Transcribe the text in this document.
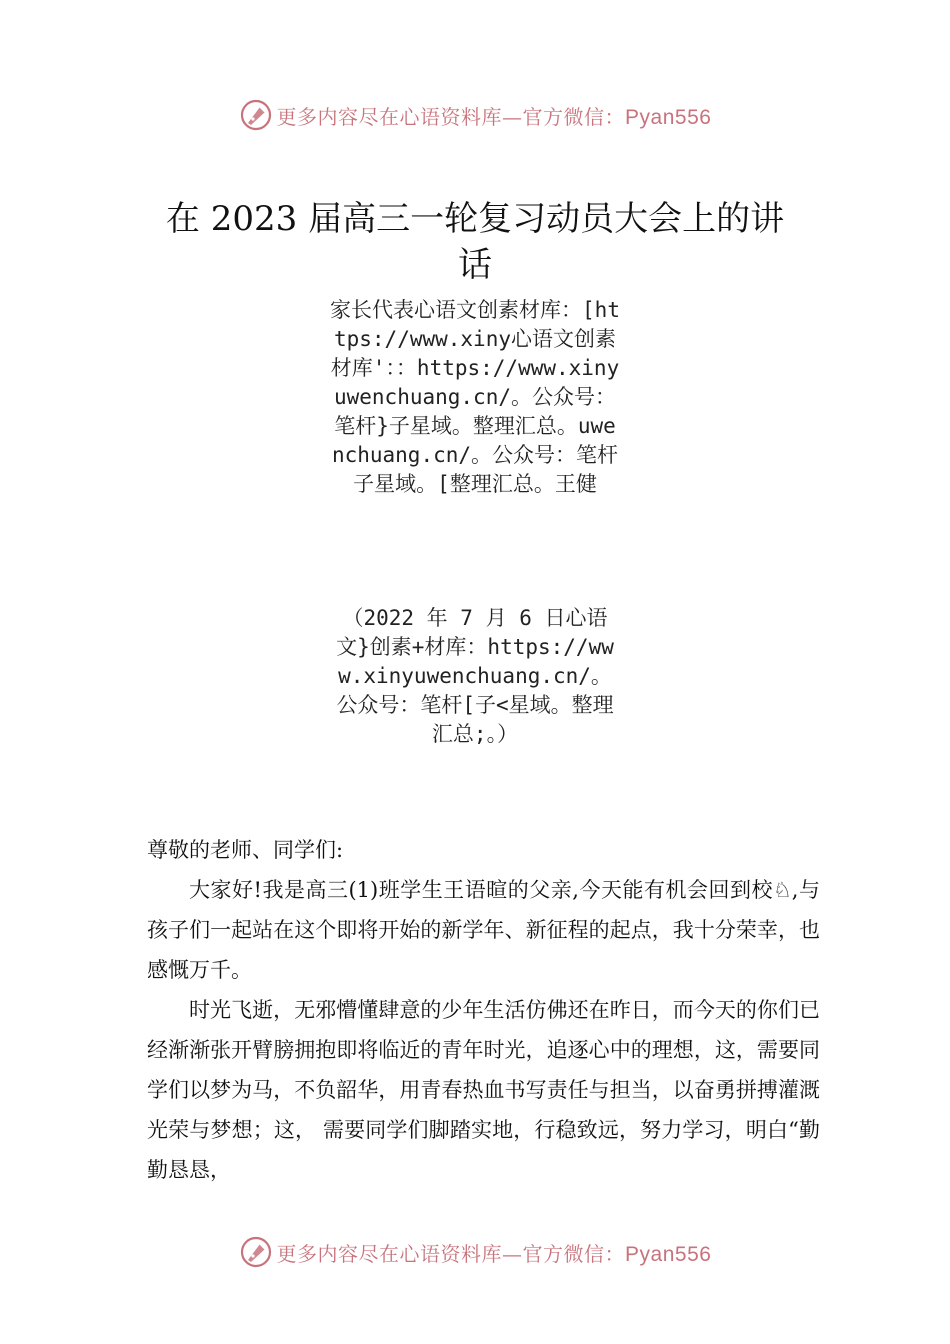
更多内容尽在心语资料库—官方微信：Pyan556
在 2023 届高三一轮复习动员大会上的讲话

家长代表心语文创素材库：[https://www.xiny心语文创素材库'：：https://www.xinyuwenchuang.cn/。公众号：笔杆}子星域。整理汇总。uwenchuang.cn/。公众号：笔杆子星域。[整理汇总。王健

（2022 年 7 月 6 日心语文}创素+材库：https://www.xinyuwenchuang.cn/。公众号：笔杆[子<星域。整理汇总;。）

尊敬的老师、同学们:

大家好!我是高三(1)班学生王语暄的父亲,今天能有机会回到校♘,与孩子们一起站在这个即将开始的新学年、新征程的起点，我十分荣幸，也感慨万千。

时光飞逝，无邪懵懂肆意的少年生活仿佛还在昨日，而今天的你们已经渐渐张开臂膀拥抱即将临近的青年时光，追逐心中的理想，这，需要同学们以梦为马，不负韶华，用青春热血书写责任与担当，以奋勇拼搏灌溉光荣与梦想；这， 需要同学们脚踏实地，行稳致远，努力学习，明白“勤勤恳恳，

更多内容尽在心语资料库—官方微信：Pyan556
